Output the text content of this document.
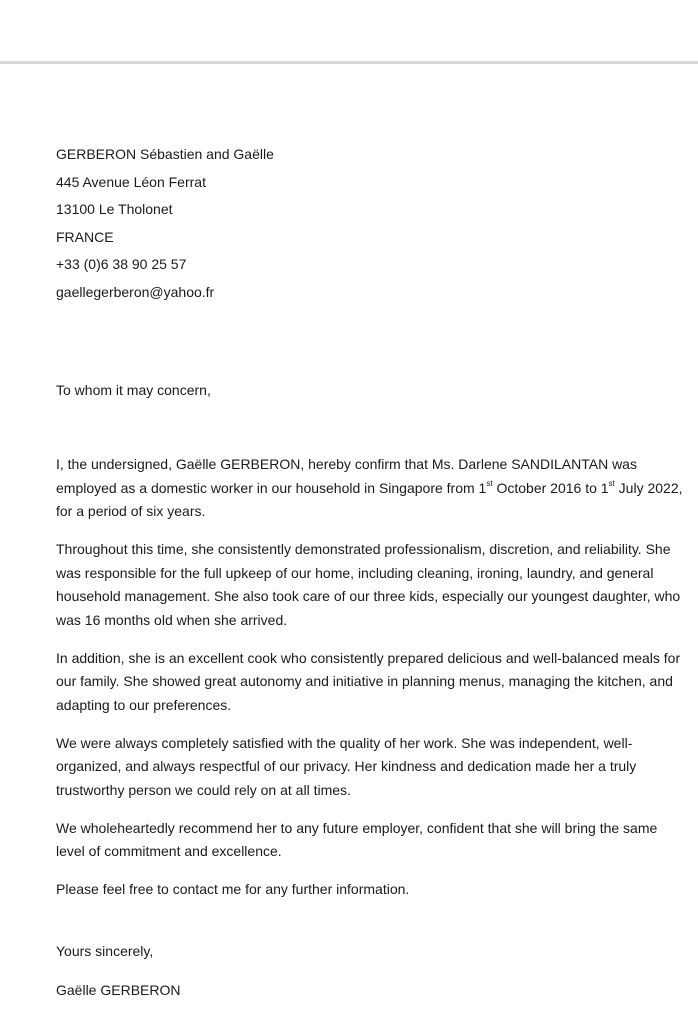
GERBERON Sébastien and Gaëlle
445 Avenue Léon Ferrat
13100 Le Tholonet
FRANCE
+33 (0)6 38 90 25 57
gaellegerberon@yahoo.fr
To whom it may concern,

I, the undersigned, Gaëlle GERBERON, hereby confirm that Ms. Darlene SANDILANTAN was employed as a domestic worker in our household in Singapore from 1st October 2016 to 1st July 2022, for a period of six years.

Throughout this time, she consistently demonstrated professionalism, discretion, and reliability. She was responsible for the full upkeep of our home, including cleaning, ironing, laundry, and general household management. She also took care of our three kids, especially our youngest daughter, who was 16 months old when she arrived.

In addition, she is an excellent cook who consistently prepared delicious and well-balanced meals for our family. She showed great autonomy and initiative in planning menus, managing the kitchen, and adapting to our preferences.

We were always completely satisfied with the quality of her work. She was independent, well-organized, and always respectful of our privacy. Her kindness and dedication made her a truly trustworthy person we could rely on at all times.

We wholeheartedly recommend her to any future employer, confident that she will bring the same level of commitment and excellence.

Please feel free to contact me for any further information.

Yours sincerely,
Gaëlle GERBERON
